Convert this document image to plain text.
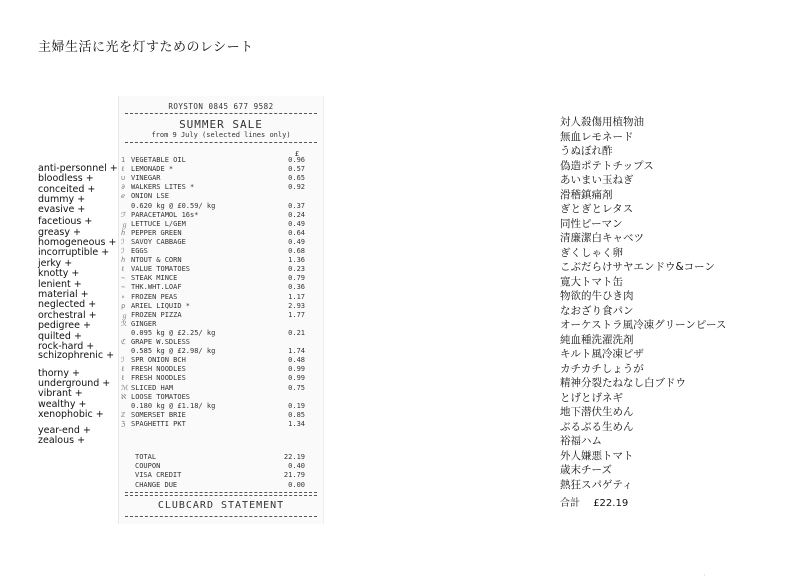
主婦生活に光を灯すためのレシート
anti-personnel +
bloodless +
conceited +
dummy +
evasive +
facetious +
greasy +
homogeneous +
incorruptible +
jerky +
knotty +
lenient +
material +
neglected +
orchestral +
pedigree +
quilted +
rock-hard +
schizophrenic +
thorny +
underground +
vibrant +
wealthy +
xenophobic +
year-end +
zealous +
ROYSTON 0845 677 9582
SUMMER SALE
from 9 July (selected lines only)
£
1 VEGETABLE OIL	0.96
ℓ LEMONADE *	0.57
∪ VINEGAR	0.65
∂ WALKERS LITES *	0.92
ℯ ONION LSE
0.620 kg @ £0.59/ kg	0.37
ℱ PARACETAMOL 16s*	0.24
ℊ LETTUCE L/GEM	0.49
ℎ PEPPER GREEN	0.64
ℐ SAVOY CABBAGE	0.49
ℐ EGGS	0.68
ℎ NTOUT & CORN	1.36
ℓ VALUE TOMATOES	0.23
∼ STEAK MINCE	0.79
∼ THK.WHT.LOAF	0.36
∘ FROZEN PEAS	1.17
ρ ARIEL LIQUID *	2.93
ℊ FROZEN PIZZA	1.77
ℛ GINGER
0.095 kg @ £2.25/ kg	0.21
ℭ GRAPE W.SDLESS
0.585 kg @ £2.98/ kg	1.74
ℐ SPR ONION BCH	0.48
ℓ FRESH NOODLES	0.99
ℓ FRESH NOODLES	0.99
ℳ SLICED HAM	0.75
ℵ LOOSE TOMATOES
0.180 kg @ £1.18/ kg	0.19
ℤ SOMERSET BRIE	0.85
ℨ SPAGHETTI PKT	1.34
TOTAL	22.19
COUPON	0.40
VISA CREDIT	21.79
CHANGE DUE	0.00
CLUBCARD STATEMENT
対人殺傷用植物油
無血レモネード
うぬぼれ酢
偽造ポテトチップス
あいまい玉ねぎ
滑稽鎮痛剤
ぎとぎとレタス
同性ピーマン
清廉潔白キャベツ
ぎくしゃく卵
こぶだらけサヤエンドウ&コーン
寛大トマト缶
物欲的牛ひき肉
なおざり食パン
オーケストラ風冷凍グリーンピース
純血種洗濯洗剤
キルト風冷凍ピザ
カチカチしょうが
精神分裂たねなし白ブドウ
とげとげネギ
地下潜伏生めん
ぶるぶる生めん
裕福ハム
外人嫌悪トマト
歳末チーズ
熱狂スパゲティ
合計 £22.19
·
